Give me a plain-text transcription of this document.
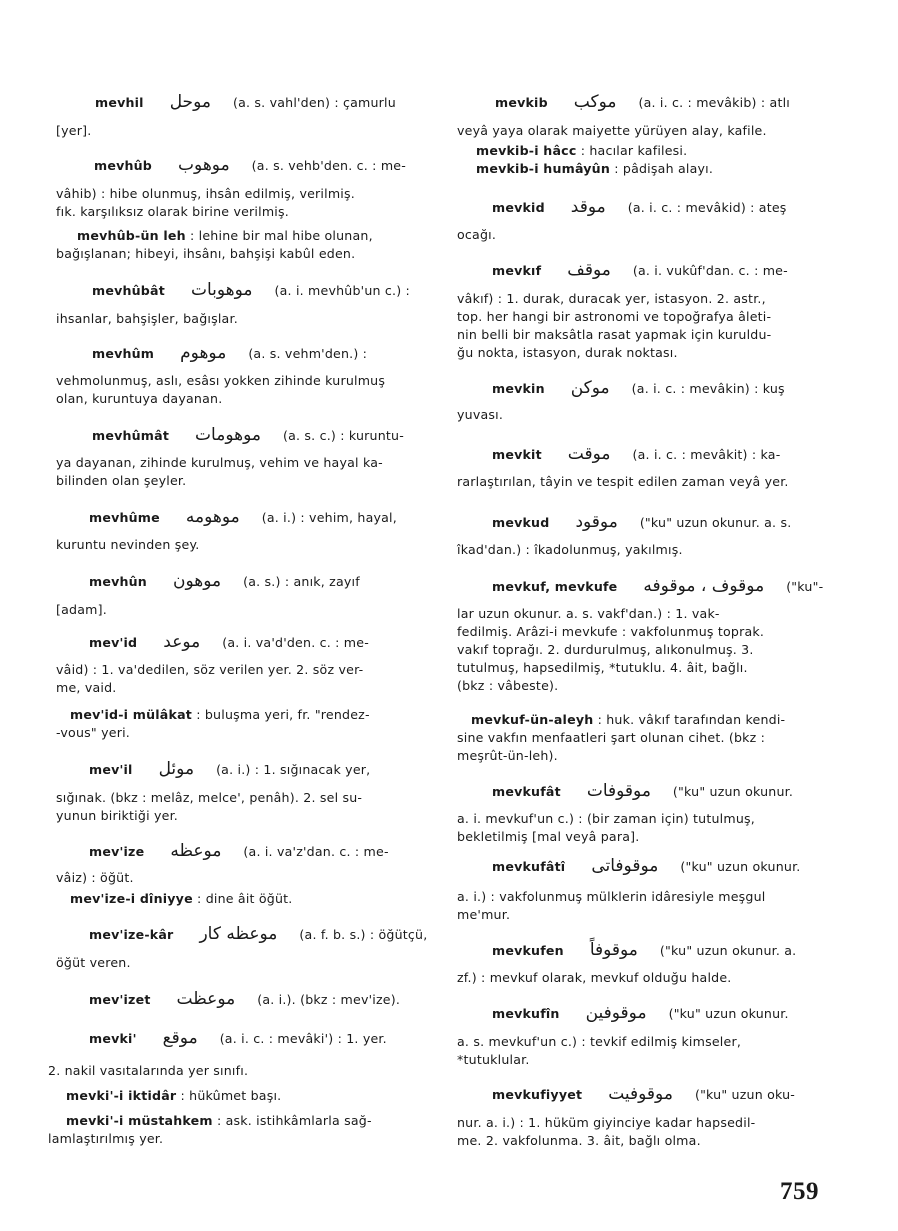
mevhil موحل (a. s. vahl'den) : çamurlu
[yer].
mevhûb موهوب (a. s. vehb'den. c. : me-
vâhib) : hibe olunmuş, ihsân edilmiş, verilmiş.
fık. karşılıksız olarak birine verilmiş.
mevhûb-ün leh : lehine bir mal hibe olunan,
bağışlanan; hibeyi, ihsânı, bahşişi kabûl eden.
mevhûbât موهوبات (a. i. mevhûb'un c.) :
ihsanlar, bahşişler, bağışlar.
mevhûm موهوم (a. s. vehm'den.) :
vehmolunmuş, aslı, esâsı yokken zihinde kurulmuş
olan, kuruntuya dayanan.
mevhûmât موهومات (a. s. c.) : kuruntu-
ya dayanan, zihinde kurulmuş, vehim ve hayal ka-
bilinden olan şeyler.
mevhûme موهومه (a. i.) : vehim, hayal,
kuruntu nevinden şey.
mevhûn موهون (a. s.) : anık, zayıf
[adam].
mev'id موعد (a. i. va'd'den. c. : me-
vâid) : 1. va'dedilen, söz verilen yer. 2. söz ver-
me, vaid.
mev'id-i mülâkat : buluşma yeri, fr. "rendez-
-vous" yeri.
mev'il موئل (a. i.) : 1. sığınacak yer,
sığınak. (bkz : melâz, melce', penâh). 2. sel su-
yunun biriktiği yer.
mev'ize موعظه (a. i. va'z'dan. c. : me-
vâiz) : öğüt.
mev'ize-i dîniyye : dine âit öğüt.
mev'ize-kâr موعظه كار (a. f. b. s.) : öğütçü,
öğüt veren.
mev'izet موعظت (a. i.). (bkz : mev'ize).
mevki' موقع (a. i. c. : mevâki') : 1. yer.
2. nakil vasıtalarında yer sınıfı.
mevki'-i iktidâr : hükûmet başı.
mevki'-i müstahkem : ask. istihkâmlarla sağ-
lamlaştırılmış yer.
mevkib موكب (a. i. c. : mevâkib) : atlı
veyâ yaya olarak maiyette yürüyen alay, kafile.
mevkib-i hâcc : hacılar kafilesi.
mevkib-i humâyûn : pâdişah alayı.
mevkid موقد (a. i. c. : mevâkid) : ateş
ocağı.
mevkıf موقف (a. i. vukûf'dan. c. : me-
vâkıf) : 1. durak, duracak yer, istasyon. 2. astr.,
top. her hangi bir astronomi ve topoğrafya âleti-
nin belli bir maksâtla rasat yapmak için kuruldu-
ğu nokta, istasyon, durak noktası.
mevkin موكن (a. i. c. : mevâkin) : kuş
yuvası.
mevkit موقت (a. i. c. : mevâkit) : ka-
rarlaştırılan, tâyin ve tespit edilen zaman veyâ yer.
mevkud موقود ("ku" uzun okunur. a. s.
îkad'dan.) : îkadolunmuş, yakılmış.
mevkuf, mevkufe موقوف ، موقوفه ("ku"-
lar uzun okunur. a. s. vakf'dan.) : 1. vak-
fedilmiş. Arâzi-i mevkufe : vakfolunmuş toprak.
vakıf toprağı. 2. durdurulmuş, alıkonulmuş. 3.
tutulmuş, hapsedilmiş, *tutuklu. 4. âit, bağlı.
(bkz : vâbeste).
mevkuf-ün-aleyh : huk. vâkıf tarafından kendi-
sine vakfın menfaatleri şart olunan cihet. (bkz :
meşrût-ün-leh).
mevkufât موقوفات ("ku" uzun okunur.
a. i. mevkuf'un c.) : (bir zaman için) tutulmuş,
bekletilmiş [mal veyâ para].
mevkufâtî موقوفاتى ("ku" uzun okunur.
a. i.) : vakfolunmuş mülklerin idâresiyle meşgul
me'mur.
mevkufen موقوفاً ("ku" uzun okunur. a.
zf.) : mevkuf olarak, mevkuf olduğu halde.
mevkufîn موقوفين ("ku" uzun okunur.
a. s. mevkuf'un c.) : tevkif edilmiş kimseler,
*tutuklular.
mevkufiyyet موقوفيت ("ku" uzun oku-
nur. a. i.) : 1. hüküm giyinciye kadar hapsedil-
me. 2. vakfolunma. 3. âit, bağlı olma.
759
